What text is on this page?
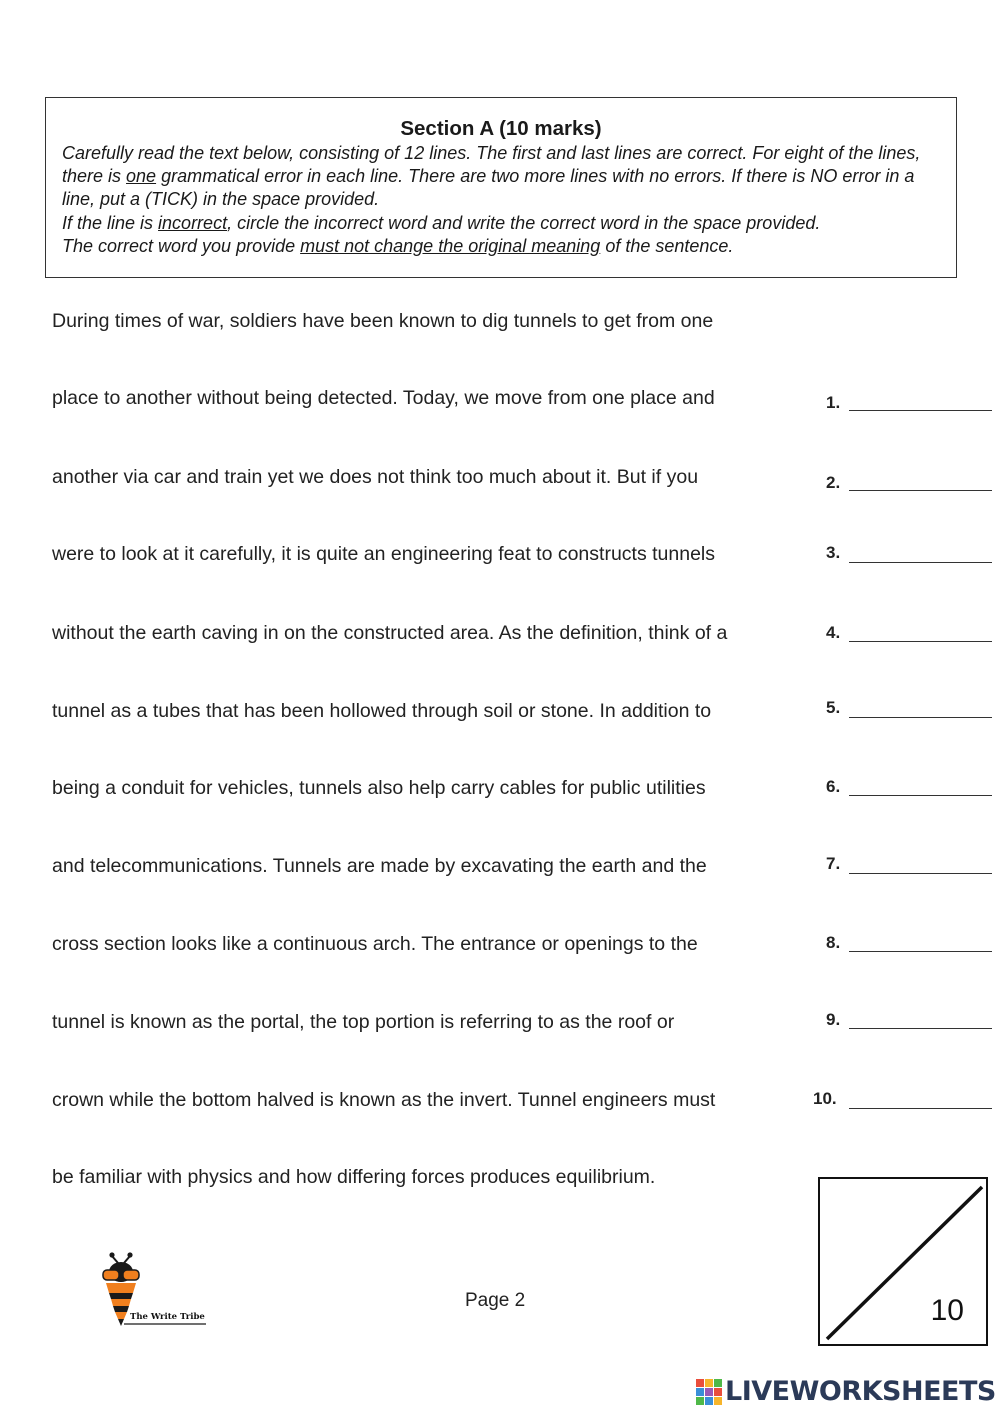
Section A (10 marks)

Carefully read the text below, consisting of 12 lines. The first and last lines are correct. For eight of the lines, there is one grammatical error in each line. There are two more lines with no errors. If there is NO error in a line, put a (TICK) in the space provided.

If the line is incorrect, circle the incorrect word and write the correct word in the space provided.

The correct word you provide must not change the original meaning of the sentence.

During times of war, soldiers have been known to dig tunnels to get from one
place to another without being detected. Today, we move from one place and
another via car and train yet we does not think too much about it. But if you
were to look at it carefully, it is quite an engineering feat to constructs tunnels
without the earth caving in on the constructed area. As the definition, think of a
tunnel as a tubes that has been hollowed through soil or stone. In addition to
being a conduit for vehicles, tunnels also help carry cables for public utilities
and telecommunications. Tunnels are made by excavating the earth and the
cross section looks like a continuous arch. The entrance or openings to the
tunnel is known as the portal, the top portion is referring to as the roof or
crown while the bottom halved is known as the invert. Tunnel engineers must
be familiar with physics and how differing forces produces equilibrium.
1.
2.
3.
4.
5.
6.
7.
8.
9.
10.
10
The Write Tribe
Page 2
LIVEWORKSHEETS
